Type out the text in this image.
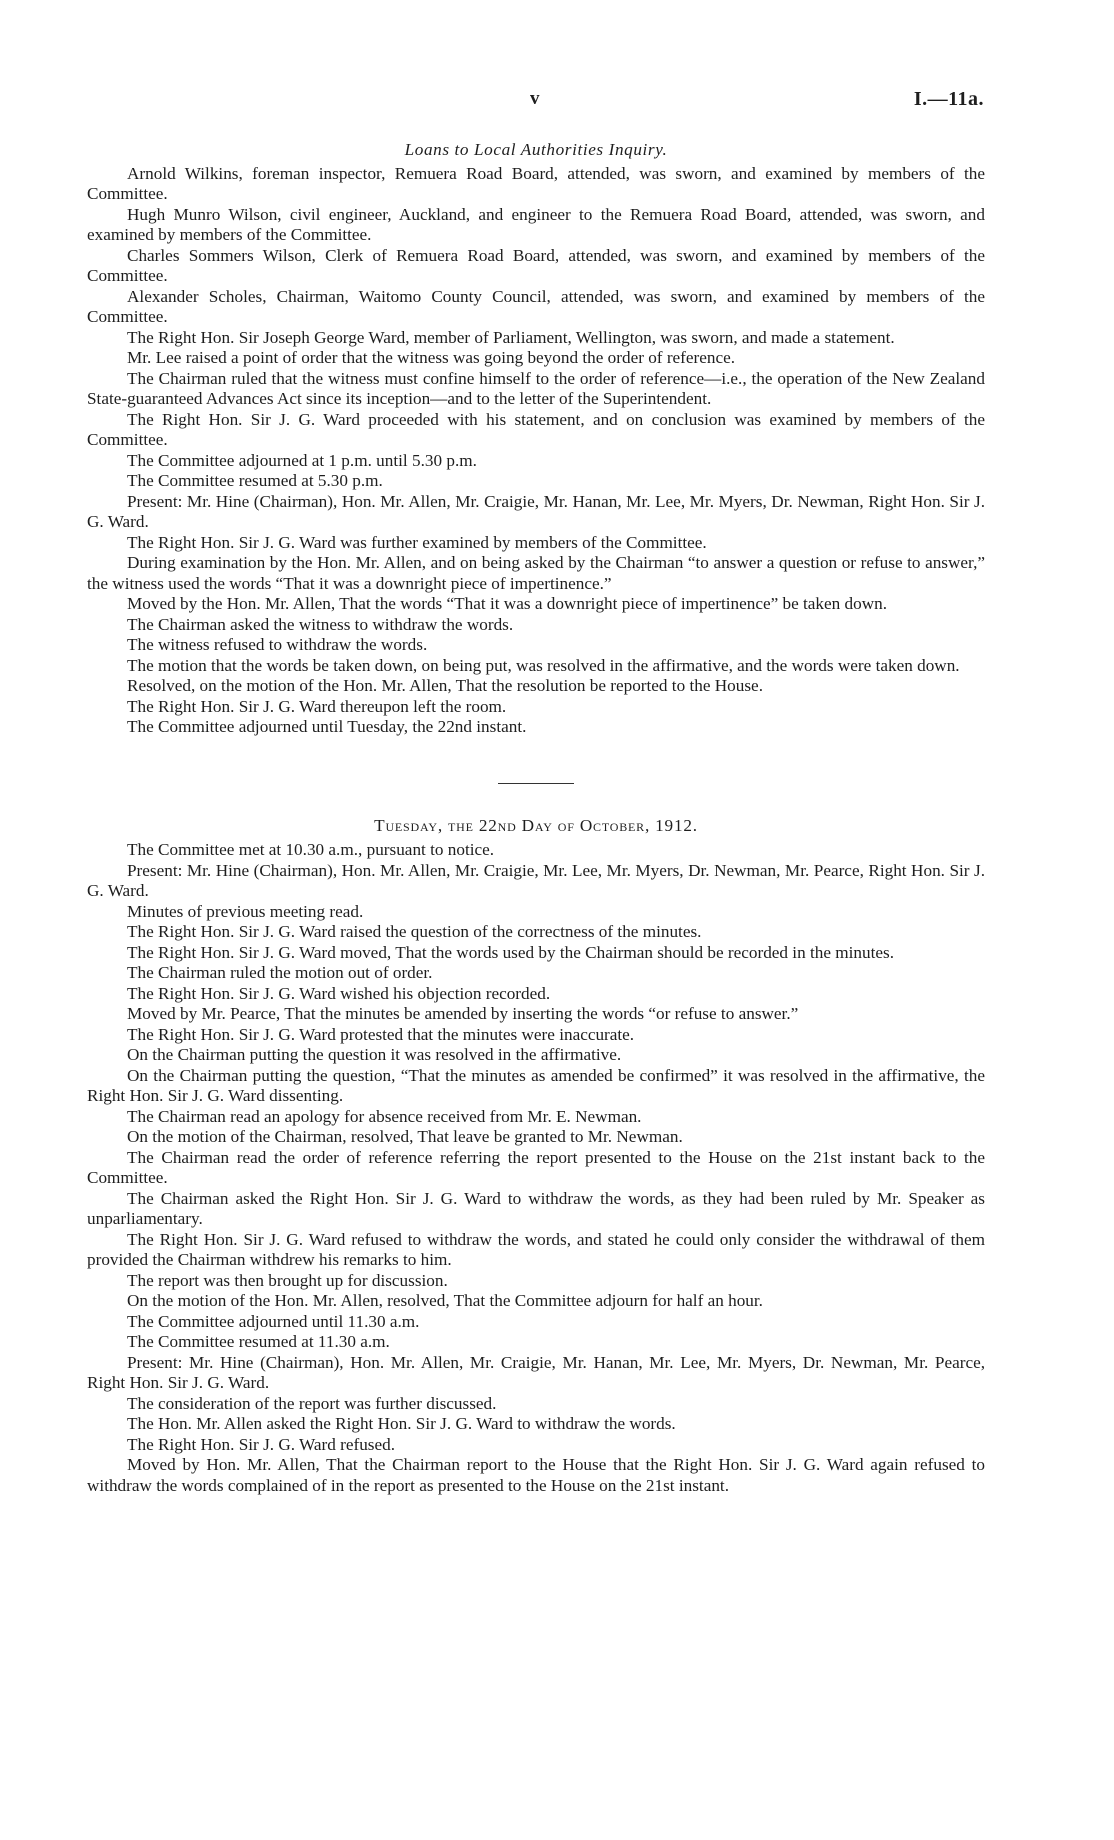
v	I.—11a.
Loans to Local Authorities Inquiry.

Arnold Wilkins, foreman inspector, Remuera Road Board, attended, was sworn, and examined by members of the Committee.

Hugh Munro Wilson, civil engineer, Auckland, and engineer to the Remuera Road Board, attended, was sworn, and examined by members of the Committee.

Charles Sommers Wilson, Clerk of Remuera Road Board, attended, was sworn, and examined by members of the Committee.

Alexander Scholes, Chairman, Waitomo County Council, attended, was sworn, and examined by members of the Committee.

The Right Hon. Sir Joseph George Ward, member of Parliament, Wellington, was sworn, and made a statement.

Mr. Lee raised a point of order that the witness was going beyond the order of reference.

The Chairman ruled that the witness must confine himself to the order of reference—i.e., the operation of the New Zealand State-guaranteed Advances Act since its inception—and to the letter of the Superintendent.

The Right Hon. Sir J. G. Ward proceeded with his statement, and on conclusion was examined by members of the Committee.

The Committee adjourned at 1 p.m. until 5.30 p.m.

The Committee resumed at 5.30 p.m.

Present: Mr. Hine (Chairman), Hon. Mr. Allen, Mr. Craigie, Mr. Hanan, Mr. Lee, Mr. Myers, Dr. Newman, Right Hon. Sir J. G. Ward.

The Right Hon. Sir J. G. Ward was further examined by members of the Committee.

During examination by the Hon. Mr. Allen, and on being asked by the Chairman “to answer a question or refuse to answer,” the witness used the words “That it was a downright piece of impertinence.”

Moved by the Hon. Mr. Allen, That the words “That it was a downright piece of impertinence” be taken down.

The Chairman asked the witness to withdraw the words.

The witness refused to withdraw the words.

The motion that the words be taken down, on being put, was resolved in the affirmative, and the words were taken down.

Resolved, on the motion of the Hon. Mr. Allen, That the resolution be reported to the House.

The Right Hon. Sir J. G. Ward thereupon left the room.

The Committee adjourned until Tuesday, the 22nd instant.

Tuesday, the 22nd Day of October, 1912.

The Committee met at 10.30 a.m., pursuant to notice.

Present: Mr. Hine (Chairman), Hon. Mr. Allen, Mr. Craigie, Mr. Lee, Mr. Myers, Dr. Newman, Mr. Pearce, Right Hon. Sir J. G. Ward.

Minutes of previous meeting read.

The Right Hon. Sir J. G. Ward raised the question of the correctness of the minutes.

The Right Hon. Sir J. G. Ward moved, That the words used by the Chairman should be recorded in the minutes.

The Chairman ruled the motion out of order.

The Right Hon. Sir J. G. Ward wished his objection recorded.

Moved by Mr. Pearce, That the minutes be amended by inserting the words “or refuse to answer.”

The Right Hon. Sir J. G. Ward protested that the minutes were inaccurate.

On the Chairman putting the question it was resolved in the affirmative.

On the Chairman putting the question, “That the minutes as amended be confirmed” it was resolved in the affirmative, the Right Hon. Sir J. G. Ward dissenting.

The Chairman read an apology for absence received from Mr. E. Newman.

On the motion of the Chairman, resolved, That leave be granted to Mr. Newman.

The Chairman read the order of reference referring the report presented to the House on the 21st instant back to the Committee.

The Chairman asked the Right Hon. Sir J. G. Ward to withdraw the words, as they had been ruled by Mr. Speaker as unparliamentary.

The Right Hon. Sir J. G. Ward refused to withdraw the words, and stated he could only consider the withdrawal of them provided the Chairman withdrew his remarks to him.

The report was then brought up for discussion.

On the motion of the Hon. Mr. Allen, resolved, That the Committee adjourn for half an hour.

The Committee adjourned until 11.30 a.m.

The Committee resumed at 11.30 a.m.

Present: Mr. Hine (Chairman), Hon. Mr. Allen, Mr. Craigie, Mr. Hanan, Mr. Lee, Mr. Myers, Dr. Newman, Mr. Pearce, Right Hon. Sir J. G. Ward.

The consideration of the report was further discussed.

The Hon. Mr. Allen asked the Right Hon. Sir J. G. Ward to withdraw the words.

The Right Hon. Sir J. G. Ward refused.

Moved by Hon. Mr. Allen, That the Chairman report to the House that the Right Hon. Sir J. G. Ward again refused to withdraw the words complained of in the report as presented to the House on the 21st instant.
